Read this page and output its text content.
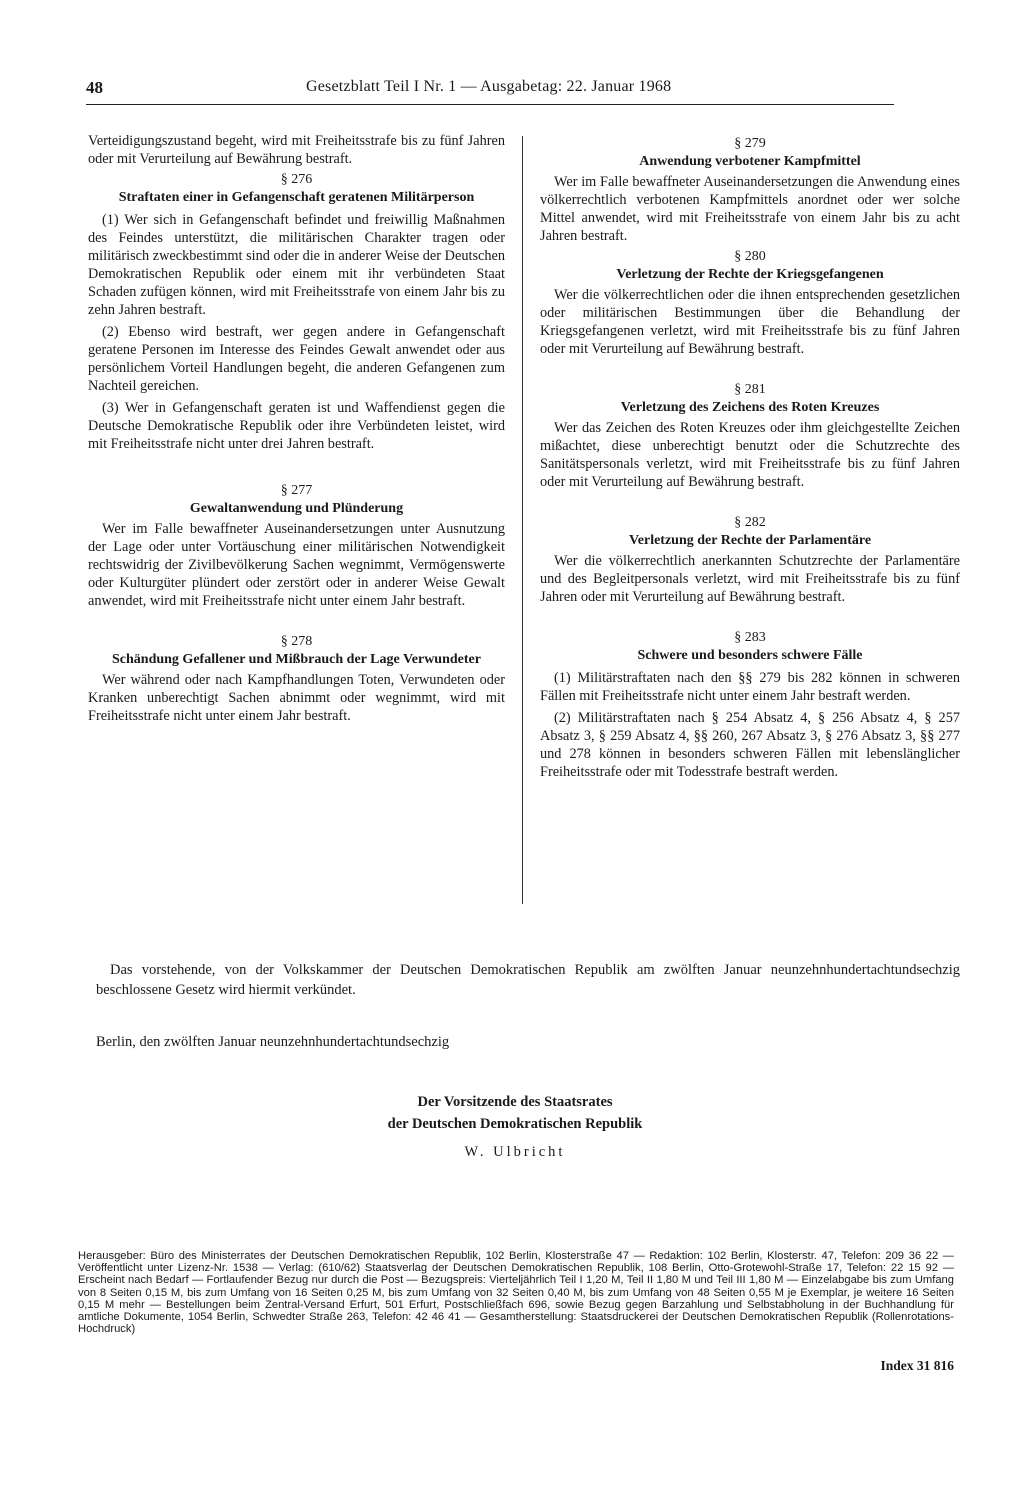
48	Gesetzblatt Teil I Nr. 1 — Ausgabetag: 22. Januar 1968

Verteidigungszustand begeht, wird mit Freiheitsstrafe bis zu fünf Jahren oder mit Verurteilung auf Bewährung bestraft.

§ 276

Straftaten einer in Gefangenschaft geratenen Militärperson

(1) Wer sich in Gefangenschaft befindet und freiwillig Maßnahmen des Feindes unterstützt, die militärischen Charakter tragen oder militärisch zweckbestimmt sind oder die in anderer Weise der Deutschen Demokratischen Republik oder einem mit ihr verbündeten Staat Schaden zufügen können, wird mit Freiheitsstrafe von einem Jahr bis zu zehn Jahren bestraft.

(2) Ebenso wird bestraft, wer gegen andere in Gefangenschaft geratene Personen im Interesse des Feindes Gewalt anwendet oder aus persönlichem Vorteil Handlungen begeht, die anderen Gefangenen zum Nachteil gereichen.

(3) Wer in Gefangenschaft geraten ist und Waffendienst gegen die Deutsche Demokratische Republik oder ihre Verbündeten leistet, wird mit Freiheitsstrafe nicht unter drei Jahren bestraft.

§ 277

Gewaltanwendung und Plünderung

Wer im Falle bewaffneter Auseinandersetzungen unter Ausnutzung der Lage oder unter Vortäuschung einer militärischen Notwendigkeit rechtswidrig der Zivilbevölkerung Sachen wegnimmt, Vermögenswerte oder Kulturgüter plündert oder zerstört oder in anderer Weise Gewalt anwendet, wird mit Freiheitsstrafe nicht unter einem Jahr bestraft.

§ 278

Schändung Gefallener und Mißbrauch der Lage Verwundeter

Wer während oder nach Kampfhandlungen Toten, Verwundeten oder Kranken unberechtigt Sachen abnimmt oder wegnimmt, wird mit Freiheitsstrafe nicht unter einem Jahr bestraft.

§ 279

Anwendung verbotener Kampfmittel

Wer im Falle bewaffneter Auseinandersetzungen die Anwendung eines völkerrechtlich verbotenen Kampfmittels anordnet oder wer solche Mittel anwendet, wird mit Freiheitsstrafe von einem Jahr bis zu acht Jahren bestraft.

§ 280

Verletzung der Rechte der Kriegsgefangenen

Wer die völkerrechtlichen oder die ihnen entsprechenden gesetzlichen oder militärischen Bestimmungen über die Behandlung der Kriegsgefangenen verletzt, wird mit Freiheitsstrafe bis zu fünf Jahren oder mit Verurteilung auf Bewährung bestraft.

§ 281

Verletzung des Zeichens des Roten Kreuzes

Wer das Zeichen des Roten Kreuzes oder ihm gleichgestellte Zeichen mißachtet, diese unberechtigt benutzt oder die Schutzrechte des Sanitätspersonals verletzt, wird mit Freiheitsstrafe bis zu fünf Jahren oder mit Verurteilung auf Bewährung bestraft.

§ 282

Verletzung der Rechte der Parlamentäre

Wer die völkerrechtlich anerkannten Schutzrechte der Parlamentäre und des Begleitpersonals verletzt, wird mit Freiheitsstrafe bis zu fünf Jahren oder mit Verurteilung auf Bewährung bestraft.

§ 283

Schwere und besonders schwere Fälle

(1) Militärstraftaten nach den §§ 279 bis 282 können in schweren Fällen mit Freiheitsstrafe nicht unter einem Jahr bestraft werden.

(2) Militärstraftaten nach § 254 Absatz 4, § 256 Absatz 4, § 257 Absatz 3, § 259 Absatz 4, §§ 260, 267 Absatz 3, § 276 Absatz 3, §§ 277 und 278 können in besonders schweren Fällen mit lebenslänglicher Freiheitsstrafe oder mit Todesstrafe bestraft werden.

Das vorstehende, von der Volkskammer der Deutschen Demokratischen Republik am zwölften Januar neunzehnhundertachtundsechzig beschlossene Gesetz wird hiermit verkündet.

Berlin, den zwölften Januar neunzehnhundertachtundsechzig

Der Vorsitzende des Staatsrates

der Deutschen Demokratischen Republik

W. Ulbricht

Herausgeber: Büro des Ministerrates der Deutschen Demokratischen Republik, 102 Berlin, Klosterstraße 47 — Redaktion: 102 Berlin, Klosterstr. 47, Telefon: 209 36 22 — Veröffentlicht unter Lizenz-Nr. 1538 — Verlag: (610/62) Staatsverlag der Deutschen Demokratischen Republik, 108 Berlin, Otto-Grotewohl-Straße 17, Telefon: 22 15 92 — Erscheint nach Bedarf — Fortlaufender Bezug nur durch die Post — Bezugspreis: Vierteljährlich Teil I 1,20 M, Teil II 1,80 M und Teil III 1,80 M — Einzelabgabe bis zum Umfang von 8 Seiten 0,15 M, bis zum Umfang von 16 Seiten 0,25 M, bis zum Umfang von 32 Seiten 0,40 M, bis zum Umfang von 48 Seiten 0,55 M je Exemplar, je weitere 16 Seiten 0,15 M mehr — Bestellungen beim Zentral-Versand Erfurt, 501 Erfurt, Postschließfach 696, sowie Bezug gegen Barzahlung und Selbstabholung in der Buchhandlung für amtliche Dokumente, 1054 Berlin, Schwedter Straße 263, Telefon: 42 46 41 — Gesamtherstellung: Staatsdruckerei der Deutschen Demokratischen Republik (Rollenrotations-Hochdruck)

Index 31 816
